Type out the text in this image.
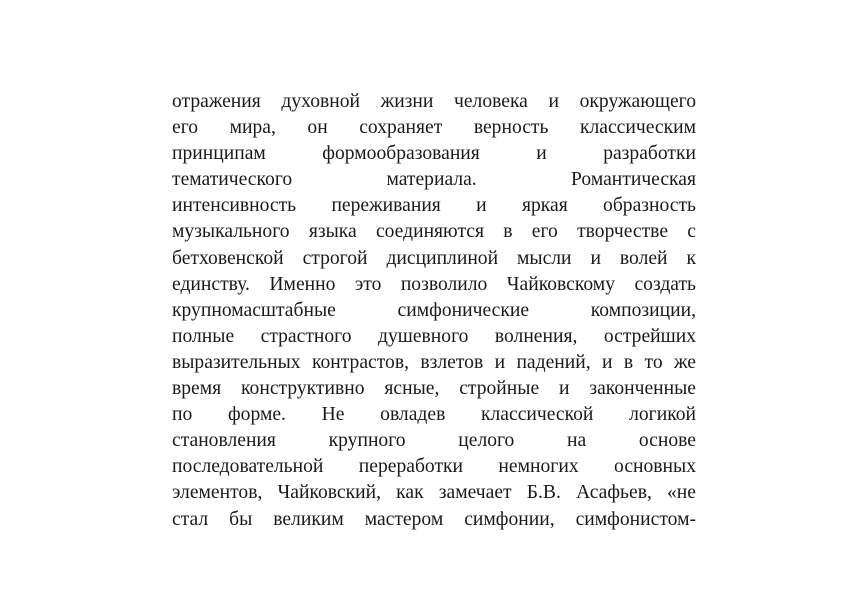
отражения духовной жизни человека и окружающего
его мира, он сохраняет верность классическим
принципам формообразования и разработки
тематического материала. Романтическая
интенсивность переживания и яркая образность
музыкального языка соединяются в его творчестве с
бетховенской строгой дисциплиной мысли и волей к
единству. Именно это позволило Чайковскому создать
крупномасштабные симфонические композиции,
полные страстного душевного волнения, острейших
выразительных контрастов, взлетов и падений, и в то же
время конструктивно ясные, стройные и законченные
по форме. Не овладев классической логикой
становления крупного целого на основе
последовательной переработки немногих основных
элементов, Чайковский, как замечает Б.В. Асафьев, «не
стал бы великим мастером симфонии, симфонистом-
